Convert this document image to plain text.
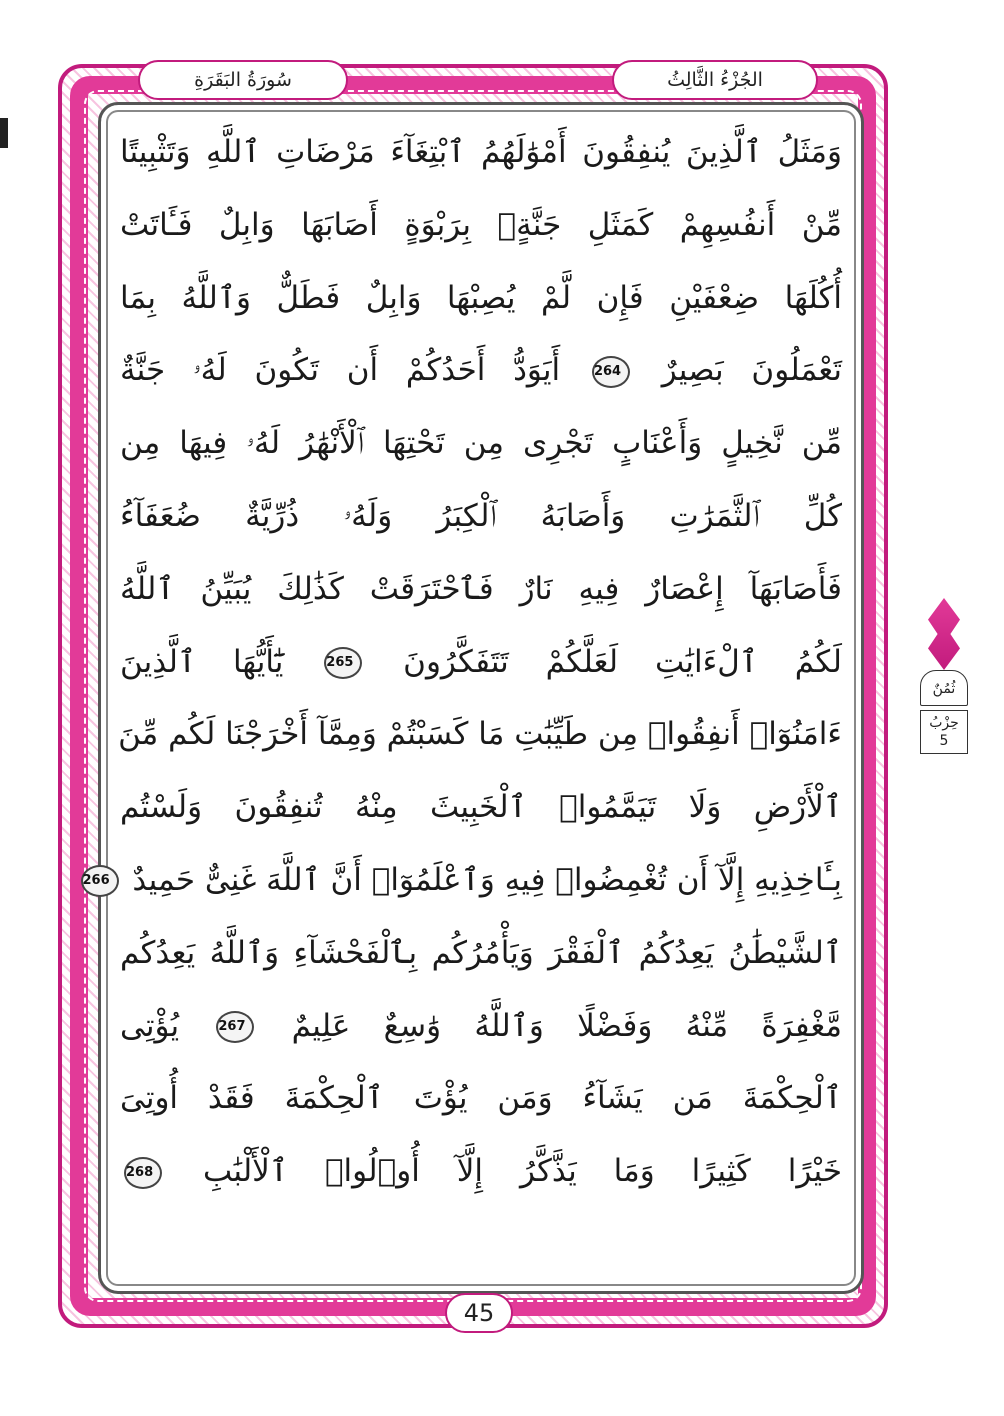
الجُزْءُ الثَّالِثُ
سُورَةُ البَقَرَةِ
وَمَثَلُ ٱلَّذِينَ يُنفِقُونَ أَمْوَٰلَهُمُ ٱبْتِغَآءَ مَرْضَاتِ ٱللَّهِ وَتَثْبِيتًا
مِّنْ أَنفُسِهِمْ كَمَثَلِ جَنَّةٍۭ بِرَبْوَةٍ أَصَابَهَا وَابِلٌ فَـَٔاتَتْ
أُكُلَهَا ضِعْفَيْنِ فَإِن لَّمْ يُصِبْهَا وَابِلٌ فَطَلٌّ وَٱللَّهُ بِمَا
تَعْمَلُونَ بَصِيرٌ 264 أَيَوَدُّ أَحَدُكُمْ أَن تَكُونَ لَهُۥ جَنَّةٌ
مِّن نَّخِيلٍ وَأَعْنَابٍ تَجْرِى مِن تَحْتِهَا ٱلْأَنْهَٰرُ لَهُۥ فِيهَا مِن
كُلِّ ٱلثَّمَرَٰتِ وَأَصَابَهُ ٱلْكِبَرُ وَلَهُۥ ذُرِّيَّةٌ ضُعَفَآءُ
فَأَصَابَهَآ إِعْصَارٌ فِيهِ نَارٌ فَٱحْتَرَقَتْ كَذَٰلِكَ يُبَيِّنُ ٱللَّهُ
لَكُمُ ٱلْءَايَٰتِ لَعَلَّكُمْ تَتَفَكَّرُونَ 265 يَٰٓأَيُّهَا ٱلَّذِينَ
ءَامَنُوٓا۟ أَنفِقُوا۟ مِن طَيِّبَٰتِ مَا كَسَبْتُمْ وَمِمَّآ أَخْرَجْنَا لَكُم مِّنَ
ٱلْأَرْضِ وَلَا تَيَمَّمُوا۟ ٱلْخَبِيثَ مِنْهُ تُنفِقُونَ وَلَسْتُم
بِـَٔاخِذِيهِ إِلَّآ أَن تُغْمِضُوا۟ فِيهِ وَٱعْلَمُوٓا۟ أَنَّ ٱللَّهَ غَنِىٌّ حَمِيدٌ 266
ٱلشَّيْطَٰنُ يَعِدُكُمُ ٱلْفَقْرَ وَيَأْمُرُكُم بِٱلْفَحْشَآءِ وَٱللَّهُ يَعِدُكُم
مَّغْفِرَةً مِّنْهُ وَفَضْلًا وَٱللَّهُ وَٰسِعٌ عَلِيمٌ 267 يُؤْتِى
ٱلْحِكْمَةَ مَن يَشَآءُ وَمَن يُؤْتَ ٱلْحِكْمَةَ فَقَدْ أُوتِىَ
خَيْرًا كَثِيرًا وَمَا يَذَّكَّرُ إِلَّآ أُو۟لُوا۟ ٱلْأَلْبَٰبِ 268
45
ثُمُنٌ
حِزْبُ
5
